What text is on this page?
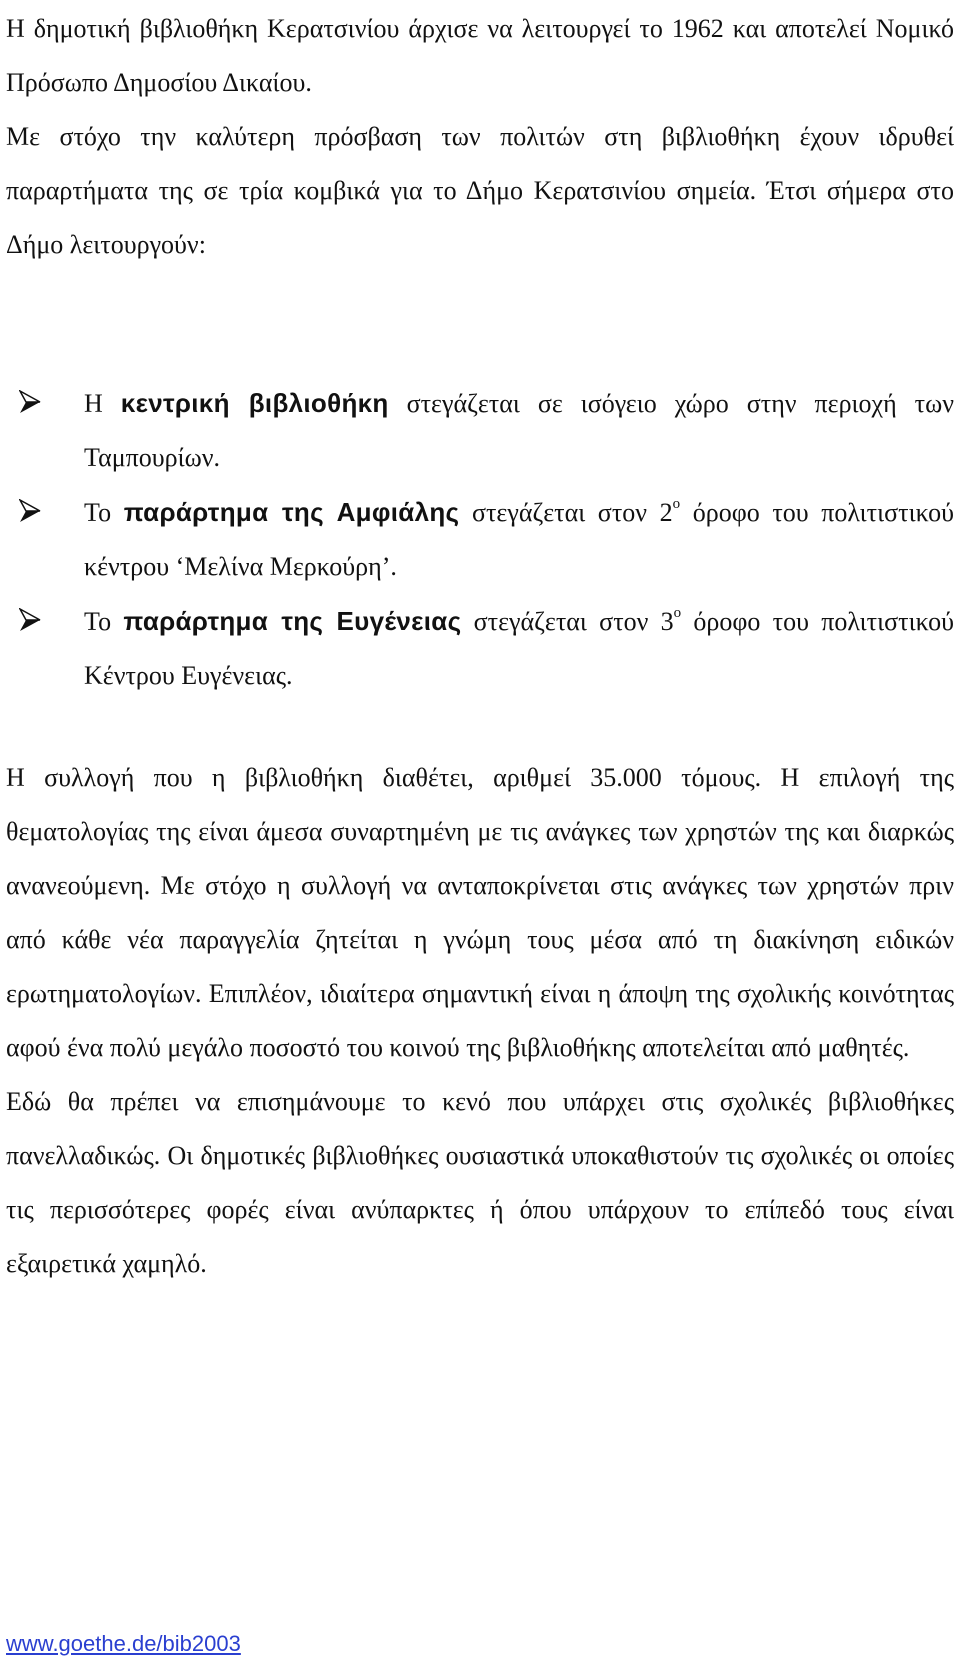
Η δημοτική βιβλιοθήκη Κερατσινίου άρχισε να λειτουργεί το 1962 και αποτελεί Νομικό Πρόσωπο Δημοσίου Δικαίου.

Με στόχο την καλύτερη πρόσβαση των πολιτών στη βιβλιοθήκη έχουν ιδρυθεί παραρτήματα της σε τρία κομβικά για το Δήμο Κερατσινίου σημεία. Έτσι σήμερα στο Δήμο λειτουργούν:

Η κεντρική βιβλιοθήκη στεγάζεται σε ισόγειο χώρο στην περιοχή των Ταμπουρίων.
Το παράρτημα της Αμφιάλης στεγάζεται στον $2^o$ όροφο του πολιτιστικού κέντρου ‘Μελίνα Μερκούρη’.
Το παράρτημα της Ευγένειας στεγάζεται στον $3^o$ όροφο του πολιτιστικού Κέντρου Ευγένειας.

Η συλλογή που η βιβλιοθήκη διαθέτει, αριθμεί 35.000 τόμους. Η επιλογή της θεματολογίας της είναι άμεσα συναρτημένη με τις ανάγκες των χρηστών της και διαρκώς ανανεούμενη. Με στόχο η συλλογή να ανταποκρίνεται στις ανάγκες των χρηστών πριν από κάθε νέα παραγγελία ζητείται η γνώμη τους μέσα από τη διακίνηση ειδικών ερωτηματολογίων. Επιπλέον, ιδιαίτερα σημαντική είναι η άποψη της σχολικής κοινότητας αφού ένα πολύ μεγάλο ποσοστό του κοινού της βιβλιοθήκης αποτελείται από μαθητές.

Εδώ θα πρέπει να επισημάνουμε το κενό που υπάρχει στις σχολικές βιβλιοθήκες πανελλαδικώς. Οι δημοτικές βιβλιοθήκες ουσιαστικά υποκαθιστούν τις σχολικές οι οποίες τις περισσότερες φορές είναι ανύπαρκτες ή όπου υπάρχουν το επίπεδό τους είναι εξαιρετικά χαμηλό.

www.goethe.de/bib2003
